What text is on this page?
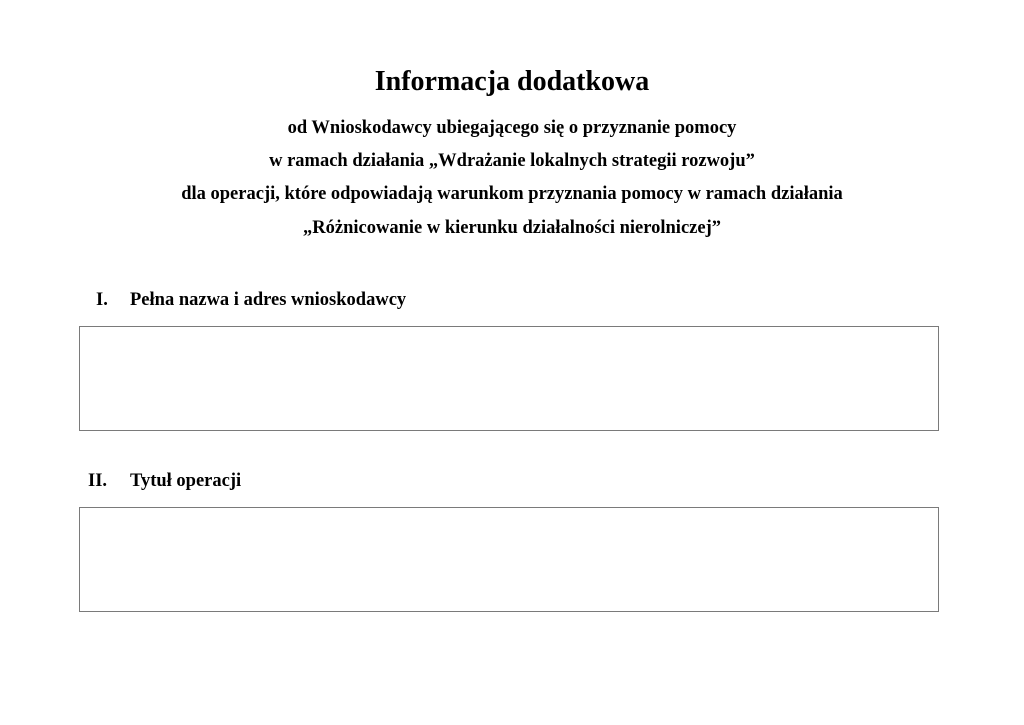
Informacja dodatkowa
od Wnioskodawcy ubiegającego się o przyznanie pomocy
w ramach działania „Wdrażanie lokalnych strategii rozwoju”
dla operacji, które odpowiadają warunkom przyznania pomocy w ramach działania
„Różnicowanie w kierunku działalności nierolniczej”
I. Pełna nazwa i adres wnioskodawcy
II. Tytuł operacji
